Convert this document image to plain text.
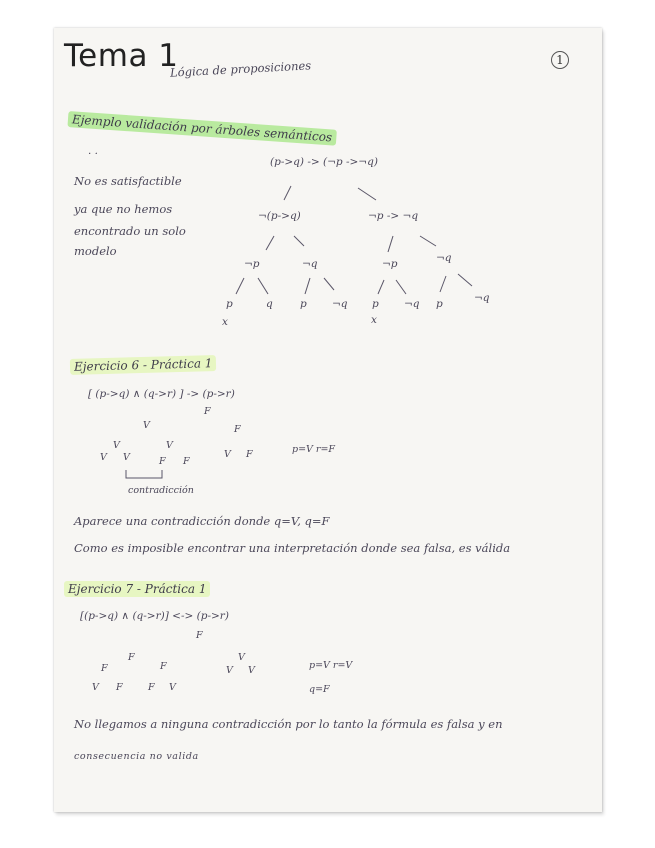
Tema 1
Lógica de proposiciones	1
Ejemplo validación por árboles semánticos
· ·
No es satisfactible
ya que no hemos
encontrado un solo
modelo
(p->q) -> (¬p ->¬q)
¬(p->q)	¬p -> ¬q
¬p	¬q	¬p	¬q
p	q	p ¬q p ¬q p	¬q
x	x
Ejercicio 6 - Práctica 1
[ (p->q) ∧ (q->r) ] -> (p->r)
F
V	F
V	V
V V	F F
V F	p=V r=F
contradicción
Aparece una contradicción donde q=V, q=F
Como es imposible encontrar una interpretación donde sea falsa, es válida
Ejercicio 7 - Práctica 1
[(p->q) ∧ (q->r)] <-> (p->r)
F
F
F	F
V F	F V
V
V V	p=V r=V
q=F
No llegamos a ninguna contradicción por lo tanto la fórmula es falsa y en
consecuencia no valida
